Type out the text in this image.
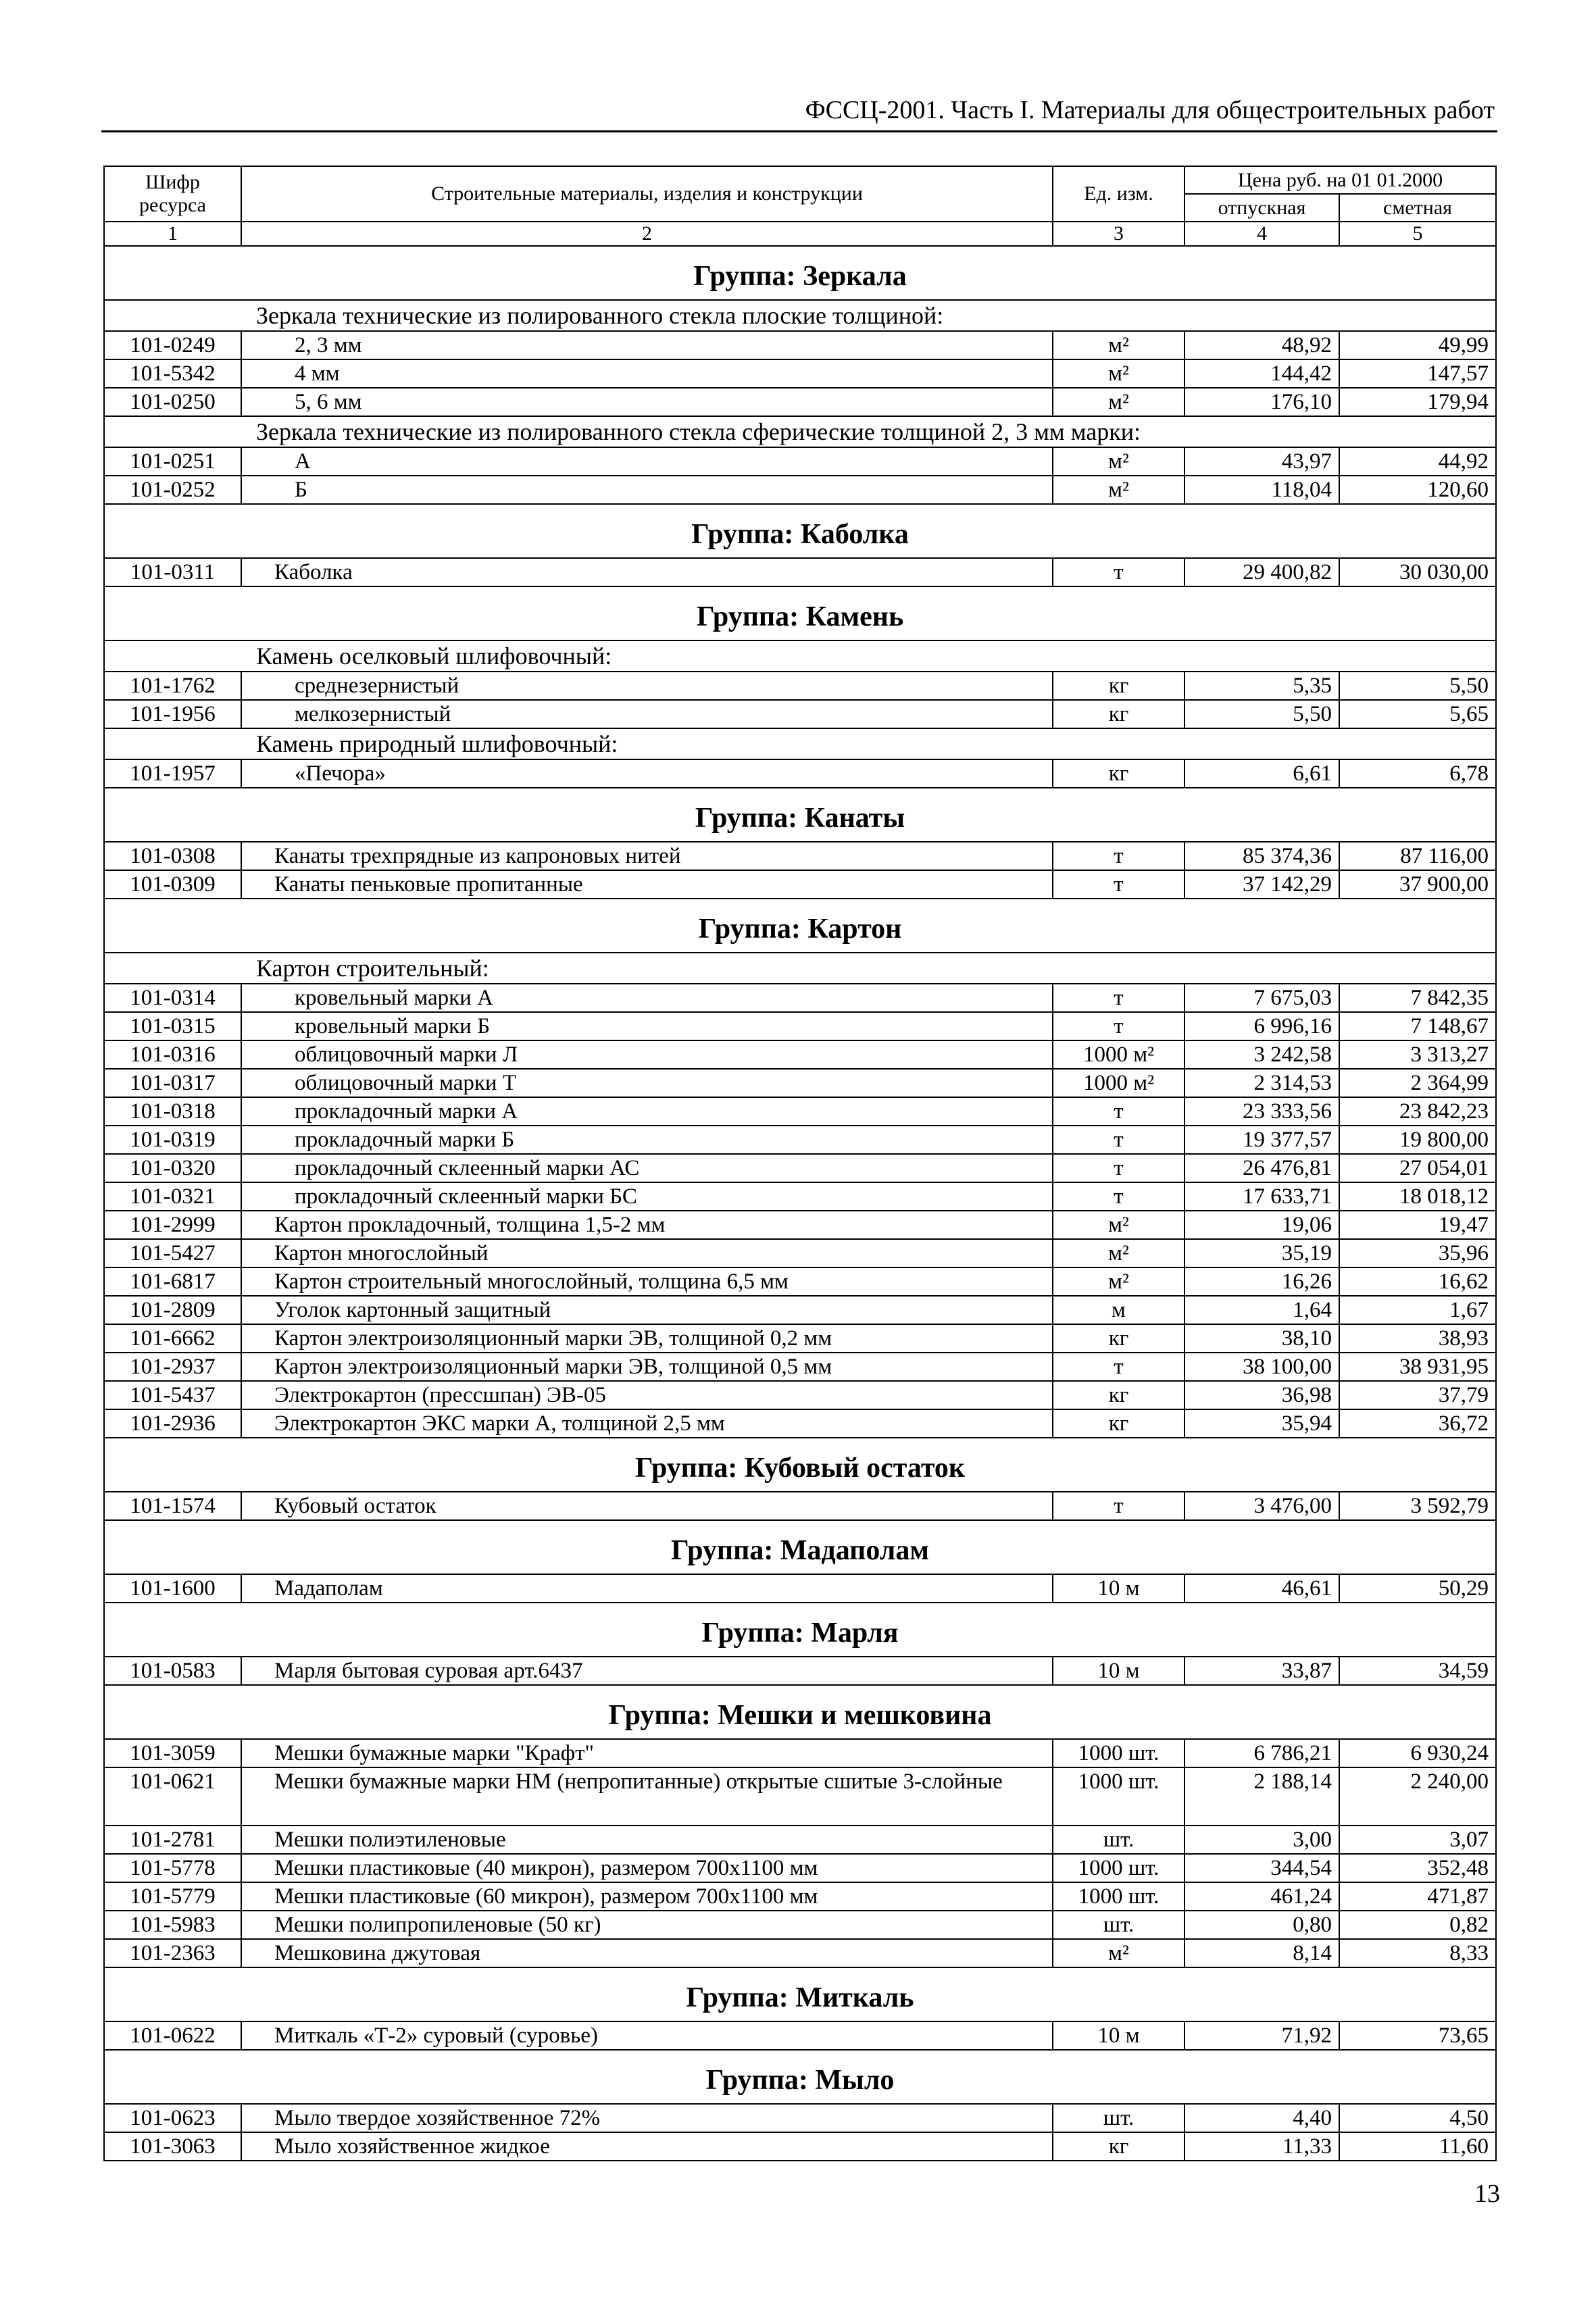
ФССЦ-2001. Часть I. Материалы для общестроительных работ
Шифр ресурса	Строительные материалы, изделия и конструкции	Ед. изм.	Цена руб. на 01 01.2000	
			отпускная	сметная
1	2	3	4	5
Группа: Зеркала				
Зеркала технические из полированного стекла плоские толщиной:				
101-0249	2, 3 мм	м²	48,92	49,99
101-5342	4 мм	м²	144,42	147,57
101-0250	5, 6 мм	м²	176,10	179,94
Зеркала технические из полированного стекла сферические толщиной 2, 3 мм марки:				
101-0251	А	м²	43,97	44,92
101-0252	Б	м²	118,04	120,60
Группа: Каболка				
101-0311	Каболка	т	29 400,82	30 030,00
Группа: Камень				
Камень оселковый шлифовочный:				
101-1762	среднезернистый	кг	5,35	5,50
101-1956	мелкозернистый	кг	5,50	5,65
Камень природный шлифовочный:				
101-1957	«Печора»	кг	6,61	6,78
Группа: Канаты				
101-0308	Канаты трехпрядные из капроновых нитей	т	85 374,36	87 116,00
101-0309	Канаты пеньковые пропитанные	т	37 142,29	37 900,00
Группа: Картон				
Картон строительный:				
101-0314	кровельный марки А	т	7 675,03	7 842,35
101-0315	кровельный марки Б	т	6 996,16	7 148,67
101-0316	облицовочный марки Л	1000 м²	3 242,58	3 313,27
101-0317	облицовочный марки Т	1000 м²	2 314,53	2 364,99
101-0318	прокладочный марки А	т	23 333,56	23 842,23
101-0319	прокладочный марки Б	т	19 377,57	19 800,00
101-0320	прокладочный склеенный марки АС	т	26 476,81	27 054,01
101-0321	прокладочный склеенный марки БС	т	17 633,71	18 018,12
101-2999	Картон прокладочный, толщина 1,5-2 мм	м²	19,06	19,47
101-5427	Картон многослойный	м²	35,19	35,96
101-6817	Картон строительный многослойный, толщина 6,5 мм	м²	16,26	16,62
101-2809	Уголок картонный защитный	м	1,64	1,67
101-6662	Картон электроизоляционный марки ЭВ, толщиной 0,2 мм	кг	38,10	38,93
101-2937	Картон электроизоляционный марки ЭВ, толщиной 0,5 мм	т	38 100,00	38 931,95
101-5437	Электрокартон (прессшпан) ЭВ-05	кг	36,98	37,79
101-2936	Электрокартон ЭКС марки А, толщиной 2,5 мм	кг	35,94	36,72
Группа: Кубовый остаток				
101-1574	Кубовый остаток	т	3 476,00	3 592,79
Группа: Мадаполам				
101-1600	Мадаполам	10 м	46,61	50,29
Группа: Марля				
101-0583	Марля бытовая суровая арт.6437	10 м	33,87	34,59
Группа: Мешки и мешковина				
101-3059	Мешки бумажные марки "Крафт"	1000 шт.	6 786,21	6 930,24
101-0621	Мешки бумажные марки НМ (непропитанные) открытые сшитые 3-слойные	1000 шт.	2 188,14	2 240,00
101-2781	Мешки полиэтиленовые	шт.	3,00	3,07
101-5778	Мешки пластиковые (40 микрон), размером 700х1100 мм	1000 шт.	344,54	352,48
101-5779	Мешки пластиковые (60 микрон), размером 700х1100 мм	1000 шт.	461,24	471,87
101-5983	Мешки полипропиленовые (50 кг)	шт.	0,80	0,82
101-2363	Мешковина джутовая	м²	8,14	8,33
Группа: Миткаль				
101-0622	Миткаль «Т-2» суровый (суровье)	10 м	71,92	73,65
Группа: Мыло				
101-0623	Мыло твердое хозяйственное 72%	шт.	4,40	4,50
101-3063	Мыло хозяйственное жидкое	кг	11,33	11,60
13
